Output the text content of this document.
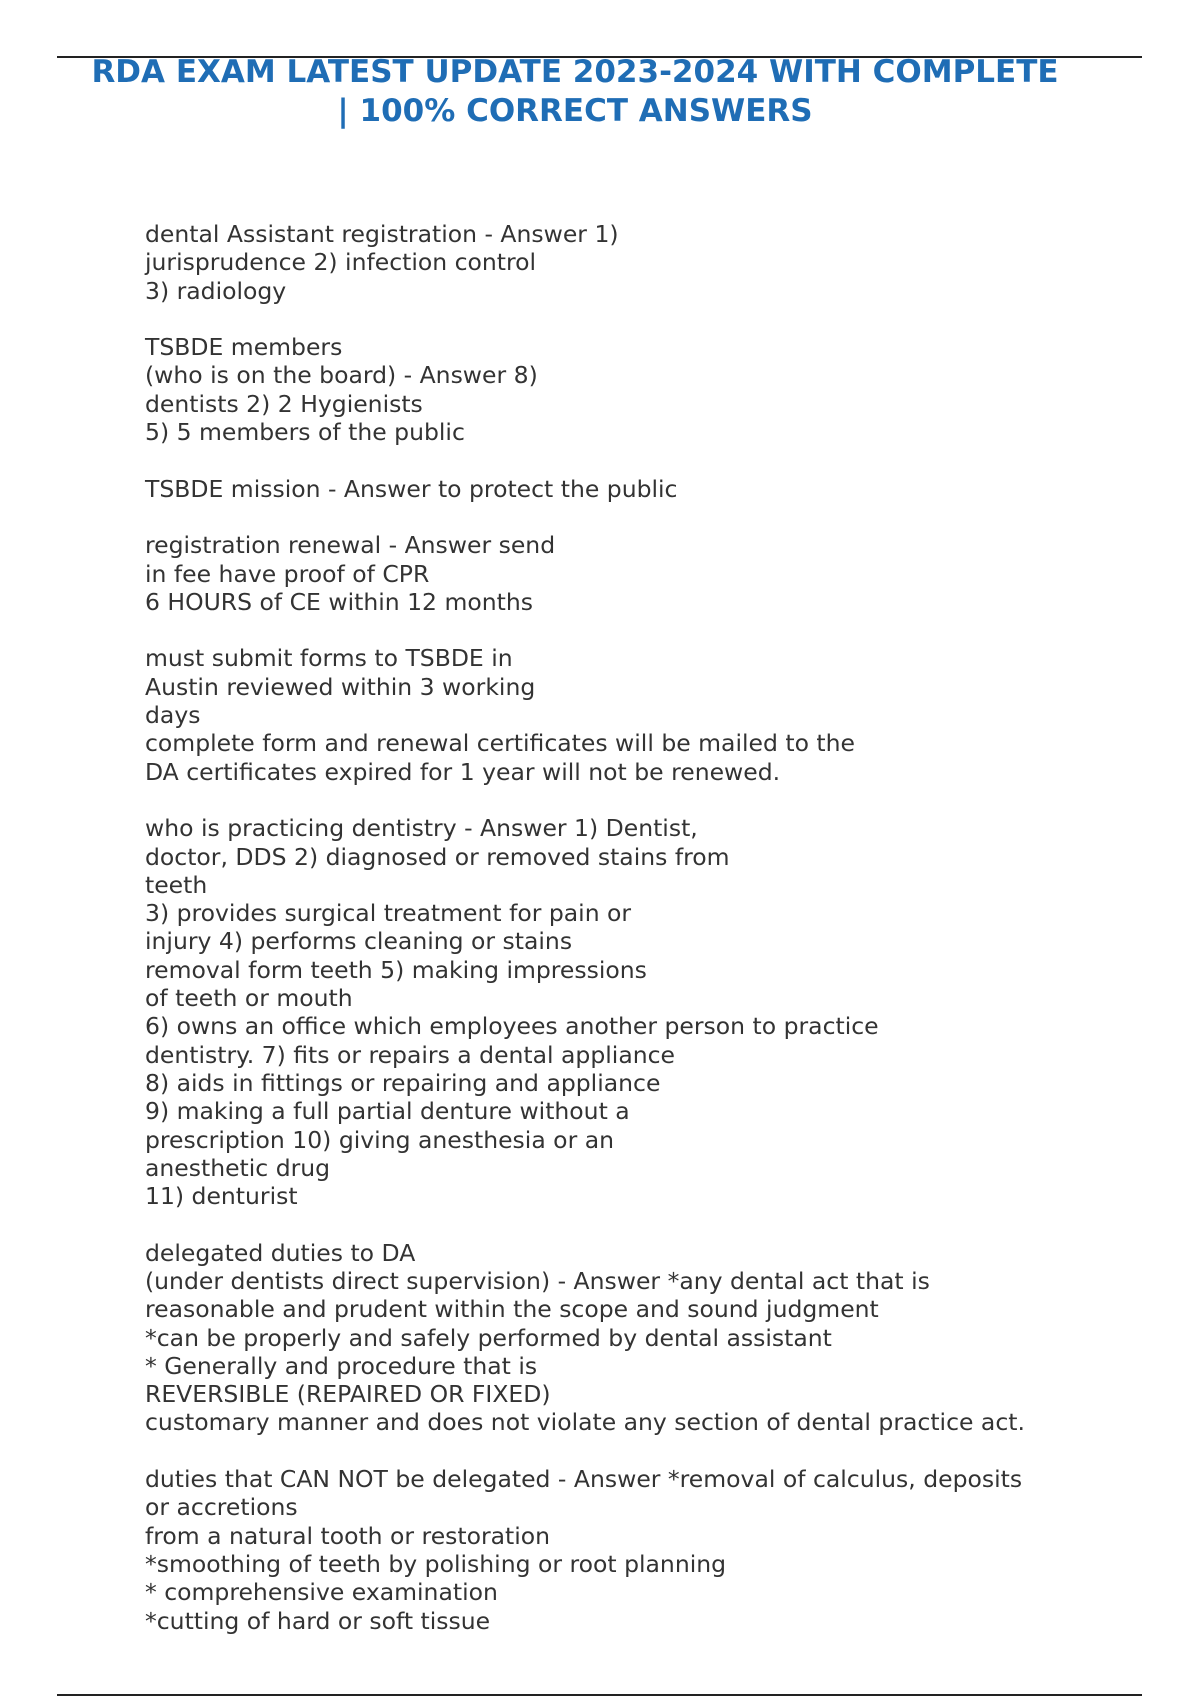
RDA EXAM LATEST UPDATE 2023-2024 WITH COMPLETE
| 100% CORRECT ANSWERS
dental Assistant registration - Answer 1)
jurisprudence 2) infection control
3) radiology
TSBDE members
(who is on the board) - Answer 8)
dentists 2) 2 Hygienists
5) 5 members of the public
TSBDE mission - Answer to protect the public
registration renewal - Answer send
in fee have proof of CPR
6 HOURS of CE within 12 months
must submit forms to TSBDE in
Austin reviewed within 3 working
days
complete form and renewal certificates will be mailed to the
DA certificates expired for 1 year will not be renewed.
who is practicing dentistry - Answer 1) Dentist,
doctor, DDS 2) diagnosed or removed stains from
teeth
3) provides surgical treatment for pain or
injury 4) performs cleaning or stains
removal form teeth 5) making impressions
of teeth or mouth
6) owns an office which employees another person to practice
dentistry. 7) fits or repairs a dental appliance
8) aids in fittings or repairing and appliance
9) making a full partial denture without a
prescription 10) giving anesthesia or an
anesthetic drug
11) denturist
delegated duties to DA
(under dentists direct supervision) - Answer *any dental act that is
reasonable and prudent within the scope and sound judgment
*can be properly and safely performed by dental assistant
* Generally and procedure that is
REVERSIBLE (REPAIRED OR FIXED)
customary manner and does not violate any section of dental practice act.
duties that CAN NOT be delegated - Answer *removal of calculus, deposits
or accretions
from a natural tooth or restoration
*smoothing of teeth by polishing or root planning
* comprehensive examination
*cutting of hard or soft tissue
